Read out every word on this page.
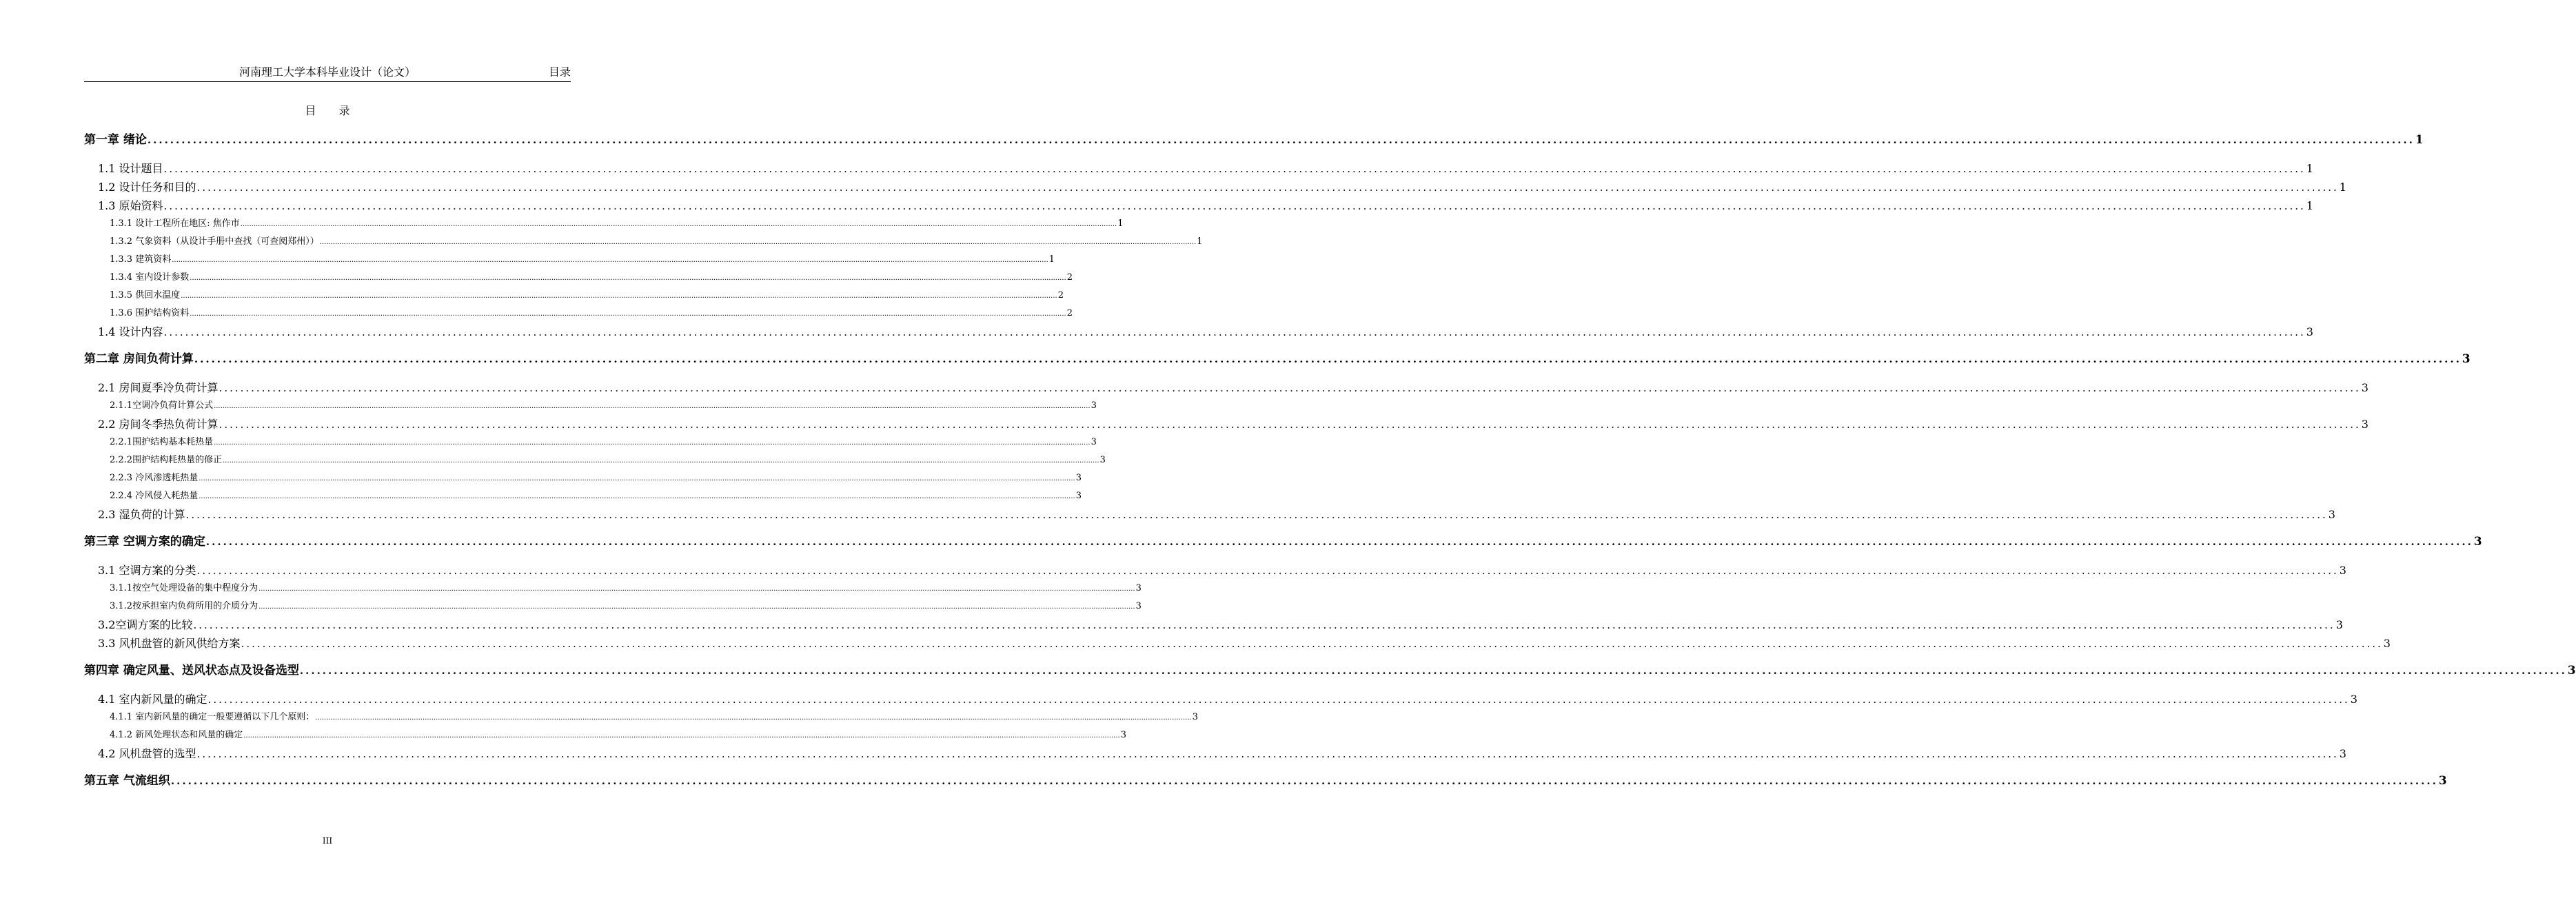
河南理工大学本科毕业设计（论文）	目录
目 录
第一章 绪论 ................................................................................................................................................................................................................................................................................................................................................................................................................ 1
1.1 设计题目 ................................................................................................................................................................................................................................................................................................................................................................................................................ 1
1.2 设计任务和目的 ................................................................................................................................................................................................................................................................................................................................................................................................................ 1
1.3 原始资料 ................................................................................................................................................................................................................................................................................................................................................................................................................ 1
1.3.1 设计工程所在地区: 焦作市 ................................................................................................................................................................................................................................................................................................................................................................................................................ 1
1.3.2 气象资料（从设计手册中查找（可查阅郑州）） ................................................................................................................................................................................................................................................................................................................................................................................................................ 1
1.3.3 建筑资料 ................................................................................................................................................................................................................................................................................................................................................................................................................ 1
1.3.4 室内设计参数 ................................................................................................................................................................................................................................................................................................................................................................................................................ 2
1.3.5 供回水温度 ................................................................................................................................................................................................................................................................................................................................................................................................................ 2
1.3.6 围护结构资料 ................................................................................................................................................................................................................................................................................................................................................................................................................ 2
1.4 设计内容 ................................................................................................................................................................................................................................................................................................................................................................................................................ 3
第二章 房间负荷计算 ................................................................................................................................................................................................................................................................................................................................................................................................................ 3
2.1 房间夏季冷负荷计算 ................................................................................................................................................................................................................................................................................................................................................................................................................ 3
2.1.1空调冷负荷计算公式 ................................................................................................................................................................................................................................................................................................................................................................................................................ 3
2.2 房间冬季热负荷计算 ................................................................................................................................................................................................................................................................................................................................................................................................................ 3
2.2.1围护结构基本耗热量 ................................................................................................................................................................................................................................................................................................................................................................................................................ 3
2.2.2围护结构耗热量的修正 ................................................................................................................................................................................................................................................................................................................................................................................................................ 3
2.2.3 冷风渗透耗热量 ................................................................................................................................................................................................................................................................................................................................................................................................................ 3
2.2.4 冷风侵入耗热量 ................................................................................................................................................................................................................................................................................................................................................................................................................ 3
2.3 湿负荷的计算 ................................................................................................................................................................................................................................................................................................................................................................................................................ 3
第三章 空调方案的确定 ................................................................................................................................................................................................................................................................................................................................................................................................................ 3
3.1 空调方案的分类 ................................................................................................................................................................................................................................................................................................................................................................................................................ 3
3.1.1按空气处理设备的集中程度分为 ................................................................................................................................................................................................................................................................................................................................................................................................................ 3
3.1.2按承担室内负荷所用的介质分为 ................................................................................................................................................................................................................................................................................................................................................................................................................ 3
3.2空调方案的比较 ................................................................................................................................................................................................................................................................................................................................................................................................................ 3
3.3 风机盘管的新风供给方案 ................................................................................................................................................................................................................................................................................................................................................................................................................ 3
第四章 确定风量、送风状态点及设备选型 ................................................................................................................................................................................................................................................................................................................................................................................................................ 3
4.1 室内新风量的确定 ................................................................................................................................................................................................................................................................................................................................................................................................................ 3
4.1.1 室内新风量的确定一般要遵循以下几个原则： ................................................................................................................................................................................................................................................................................................................................................................................................................ 3
4.1.2 新风处理状态和风量的确定 ................................................................................................................................................................................................................................................................................................................................................................................................................ 3
4.2 风机盘管的选型 ................................................................................................................................................................................................................................................................................................................................................................................................................ 3
第五章 气流组织 ................................................................................................................................................................................................................................................................................................................................................................................................................ 3
III
